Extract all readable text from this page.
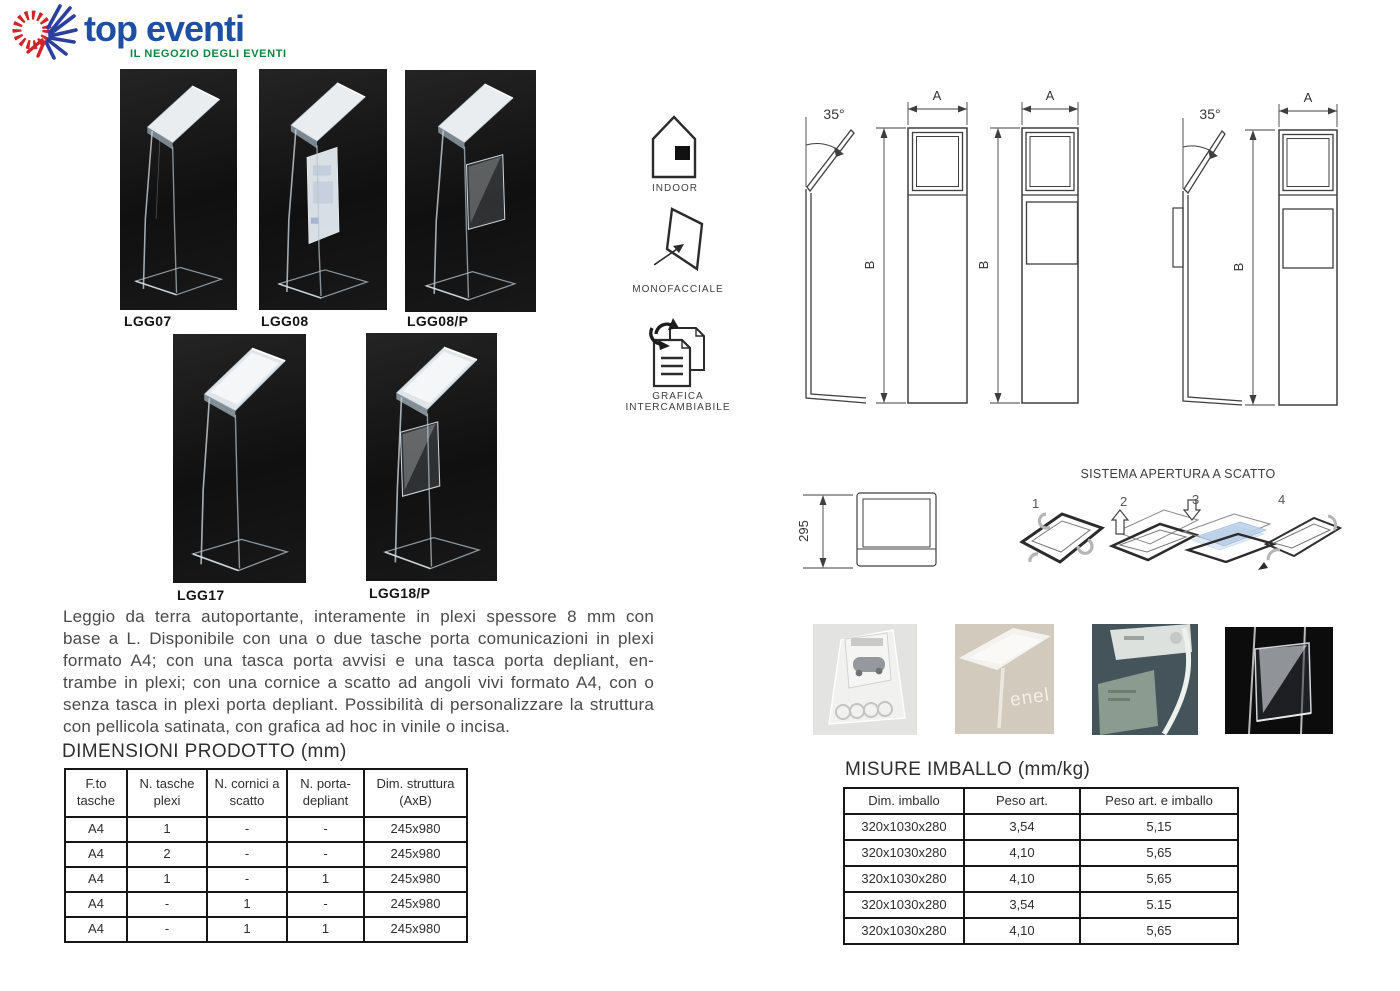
top eventi
IL NEGOZIO DEGLI EVENTI
LGG07	LGG08	LGG08/P
LGG17	LGG18/P
INDOOR
MONOFACCIALE
GRAFICA
INTERCAMBIABILE
35°
A
B
A
B
35°
A
B
295
SISTEMA APERTURA A SCATTO
1	2	3	4
Leggio da terra autoportante, interamente in plexi spessore 8 mm con
base a L. Disponibile con una o due tasche porta comunicazioni in plexi
formato A4; con una tasca porta avvisi e una tasca porta depliant, en-
trambe in plexi; con una cornice a scatto ad angoli vivi formato A4, con o
senza tasca in plexi porta depliant. Possibilità di personalizzare la struttura
con pellicola satinata, con grafica ad hoc in vinile o incisa.
enel
DIMENSIONI PRODOTTO (mm)
F.to tasche	N. tasche plexi	N. cornici a scatto	N. porta-depliant	Dim. struttura (AxB)
A4	1	-	-	245x980
A4	2	-	-	245x980
A4	1	-	1	245x980
A4	-	1	-	245x980
A4	-	1	1	245x980
MISURE IMBALLO (mm/kg)
Dim. imballo	Peso art.	Peso art. e imballo
320x1030x280	3,54	5,15
320x1030x280	4,10	5,65
320x1030x280	4,10	5,65
320x1030x280	3,54	5.15
320x1030x280	4,10	5,65
